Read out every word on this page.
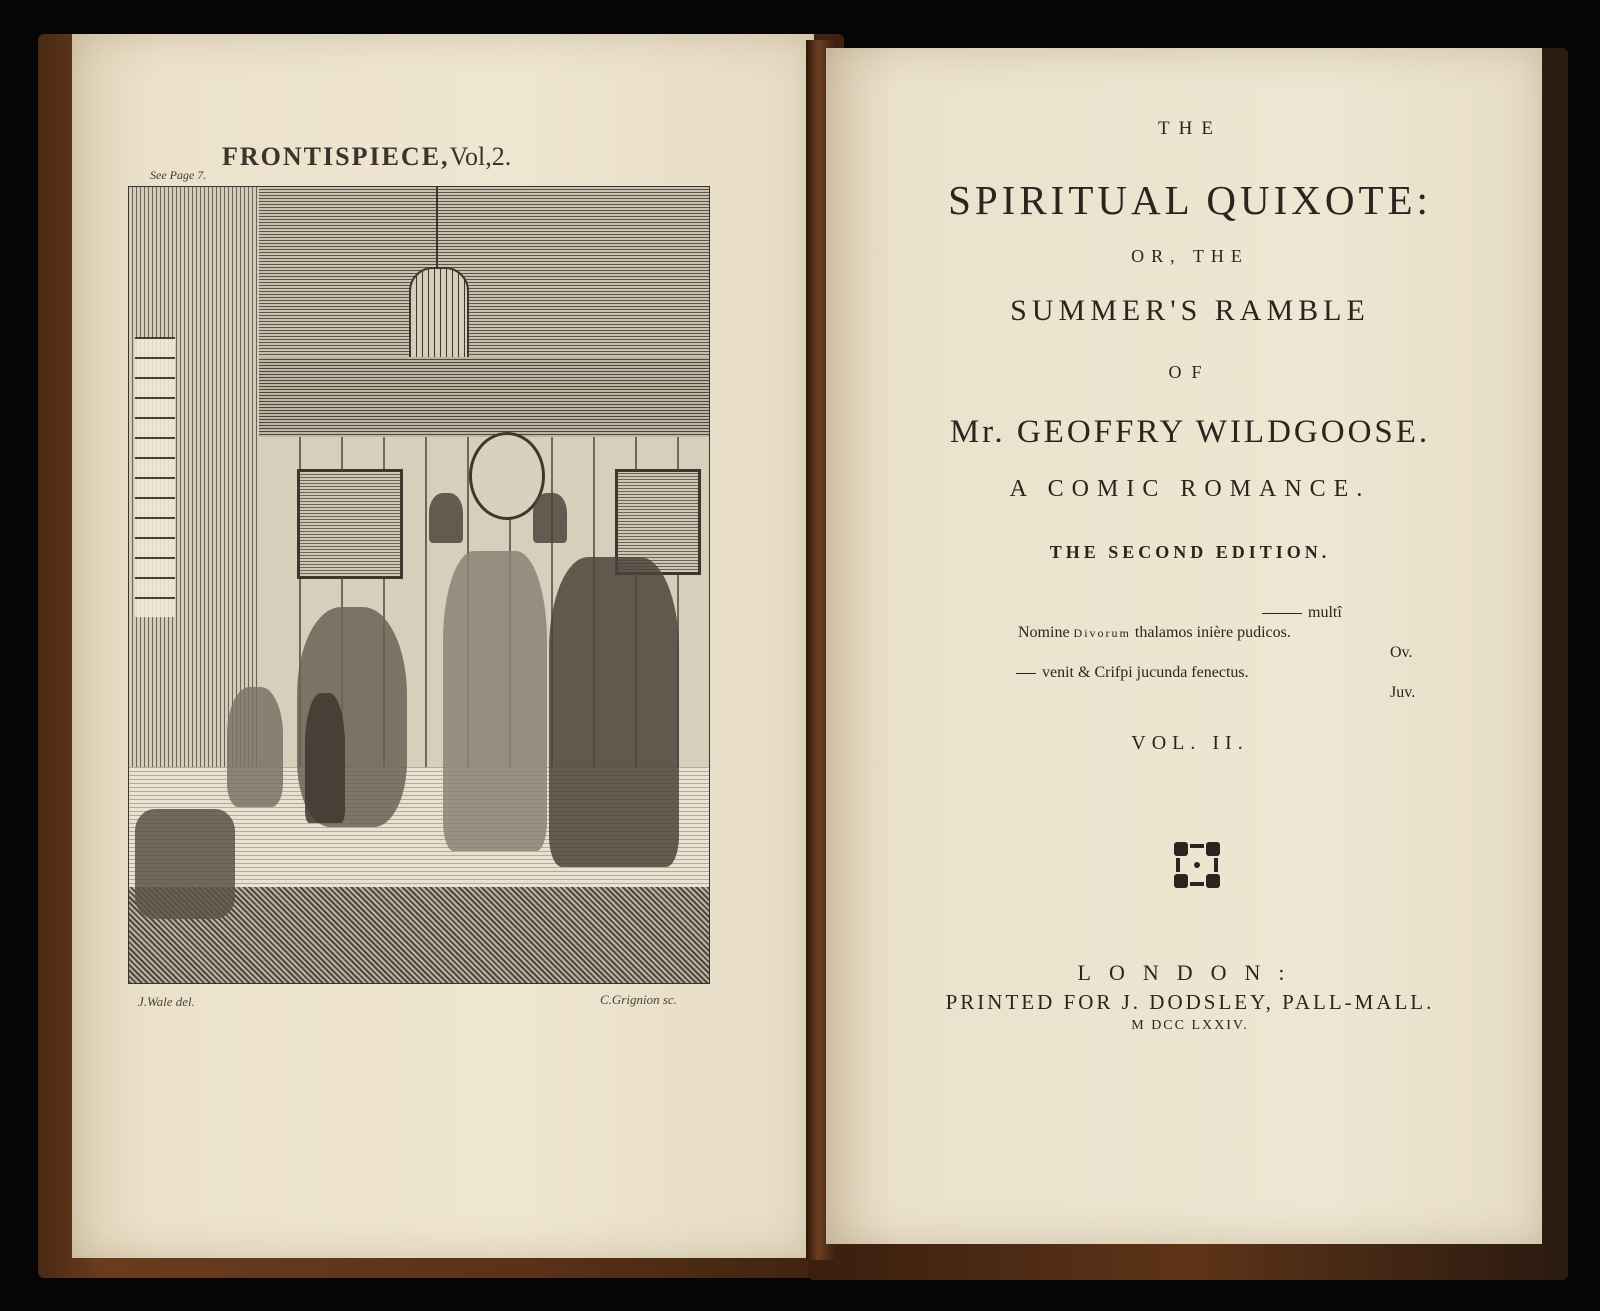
FRONTISPIECE,Vol,2.
See Page 7.
J.Wale del.	C.Grignion sc.
THE
SPIRITUAL QUIXOTE:
OR, THE
SUMMER'S RAMBLE
OF
Mr. GEOFFRY WILDGOOSE.
A COMIC ROMANCE.
THE SECOND EDITION.
multî
Nomine Divorum thalamos inière pudicos.
Ov.
venit & Crifpi jucunda fenectus.
Juv.
VOL. II.
LONDON:
PRINTED FOR J. DODSLEY, PALL-MALL.
M DCC LXXIV.
